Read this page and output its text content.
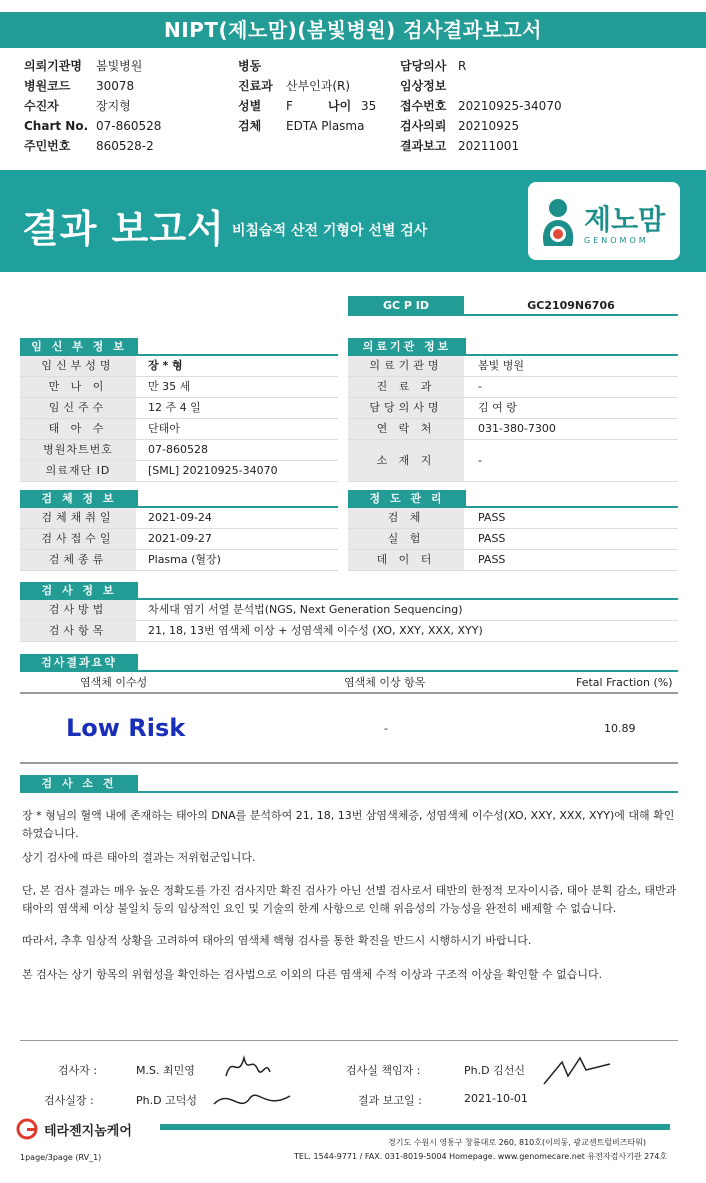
NIPT(제노맘)(봄빛병원) 검사결과보고서
의뢰기관명 봄빛병원
병원코드 30078
수진자	장지형
Chart No. 07-860528
주민번호 860528-2
병동
진료과 산부인과(R)
성별 F
검체 EDTA Plasma
나이 35
담당의사 R
임상정보
접수번호 20210925-34070
검사의뢰 20210925
결과보고 20211001
결과 보고서 비침습적 산전 기형아 선별 검사	제노맘
GENOMOM
GC P ID	GC2109N6706
임 신 부 정 보
임신부성명	장 * 형
만 나 이	만 35 세
임신주수	12 주 4 일
태 아 수	단태아
병원차트번호	07-860528
의료재단 ID	[SML] 20210925-34070
의료기관 정보
의료기관명	봄빛 병원
진 료 과	-
담당의사명	김 여 랑
연 락 처	031-380-7300
소 재 지	-
검 체 정 보
검체채취일	2021-09-24
검사접수일	2021-09-27
검체종류	Plasma (혈장)
정 도 관 리
검 체	PASS
실 험	PASS
데 이 터	PASS
검 사 정 보
검사방법	차세대 염기 서열 분석법(NGS, Next Generation Sequencing)
검사항목	21, 18, 13번 염색체 이상 + 성염색체 이수성 (XO, XXY, XXX, XYY)
검사결과요약
염색체 이수성	염색체 이상 항목	Fetal Fraction (%)
Low Risk	-	10.89
검 사 소 견
장 * 형님의 혈액 내에 존재하는 태아의 DNA를 분석하여 21, 18, 13번 삼염색체증, 성염색체 이수성(XO, XXY, XXX, XYY)에 대해 확인하였습니다.
상기 검사에 따른 태아의 결과는 저위험군입니다.
단, 본 검사 결과는 매우 높은 정확도를 가진 검사지만 확진 검사가 아닌 선별 검사로서 태반의 한정적 모자이시즘, 태아 분획 감소, 태반과 태아의 염색체 이상 불일치 등의 임상적인 요인 및 기술의 한계 사항으로 인해 위음성의 가능성을 완전히 배제할 수 없습니다.
따라서, 추후 임상적 상황을 고려하여 태아의 염색체 핵형 검사를 통한 확진을 반드시 시행하시기 바랍니다.
본 검사는 상기 항목의 위험성을 확인하는 검사법으로 이외의 다른 염색체 수적 이상과 구조적 이상을 확인할 수 없습니다.
검사자 :	M.S. 최민영	검사실 책임자 :	Ph.D 김선신
검사실장 :	Ph.D 고덕성	결과 보고일 :	2021-10-01
테라젠지놈케어
경기도 수원시 영통구 창룡대로 260, 810호(이의동, 광교센트럴비즈타워)
1page/3page (RV_1)	TEL. 1544-9771 / FAX. 031-8019-5004 Homepage. www.genomecare.net 유전자검사기관 274호
